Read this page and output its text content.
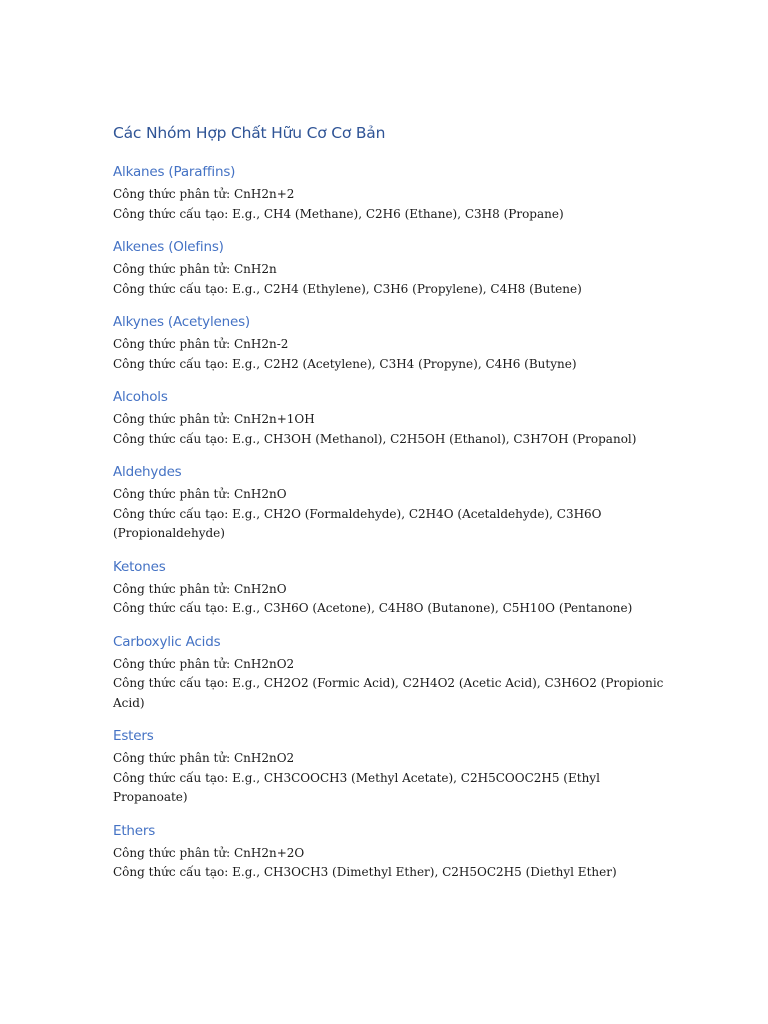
Các Nhóm Hợp Chất Hữu Cơ Cơ Bản
Alkanes (Paraffins)

Công thức phân tử: CnH2n+2

Công thức cấu tạo: E.g., CH4 (Methane), C2H6 (Ethane), C3H8 (Propane)

Alkenes (Olefins)

Công thức phân tử: CnH2n

Công thức cấu tạo: E.g., C2H4 (Ethylene), C3H6 (Propylene), C4H8 (Butene)

Alkynes (Acetylenes)

Công thức phân tử: CnH2n-2

Công thức cấu tạo: E.g., C2H2 (Acetylene), C3H4 (Propyne), C4H6 (Butyne)

Alcohols

Công thức phân tử: CnH2n+1OH

Công thức cấu tạo: E.g., CH3OH (Methanol), C2H5OH (Ethanol), C3H7OH (Propanol)

Aldehydes

Công thức phân tử: CnH2nO

Công thức cấu tạo: E.g., CH2O (Formaldehyde), C2H4O (Acetaldehyde), C3H6O (Propionaldehyde)

Ketones

Công thức phân tử: CnH2nO

Công thức cấu tạo: E.g., C3H6O (Acetone), C4H8O (Butanone), C5H10O (Pentanone)

Carboxylic Acids

Công thức phân tử: CnH2nO2

Công thức cấu tạo: E.g., CH2O2 (Formic Acid), C2H4O2 (Acetic Acid), C3H6O2 (Propionic Acid)

Esters

Công thức phân tử: CnH2nO2

Công thức cấu tạo: E.g., CH3COOCH3 (Methyl Acetate), C2H5COOC2H5 (Ethyl Propanoate)

Ethers

Công thức phân tử: CnH2n+2O

Công thức cấu tạo: E.g., CH3OCH3 (Dimethyl Ether), C2H5OC2H5 (Diethyl Ether)
